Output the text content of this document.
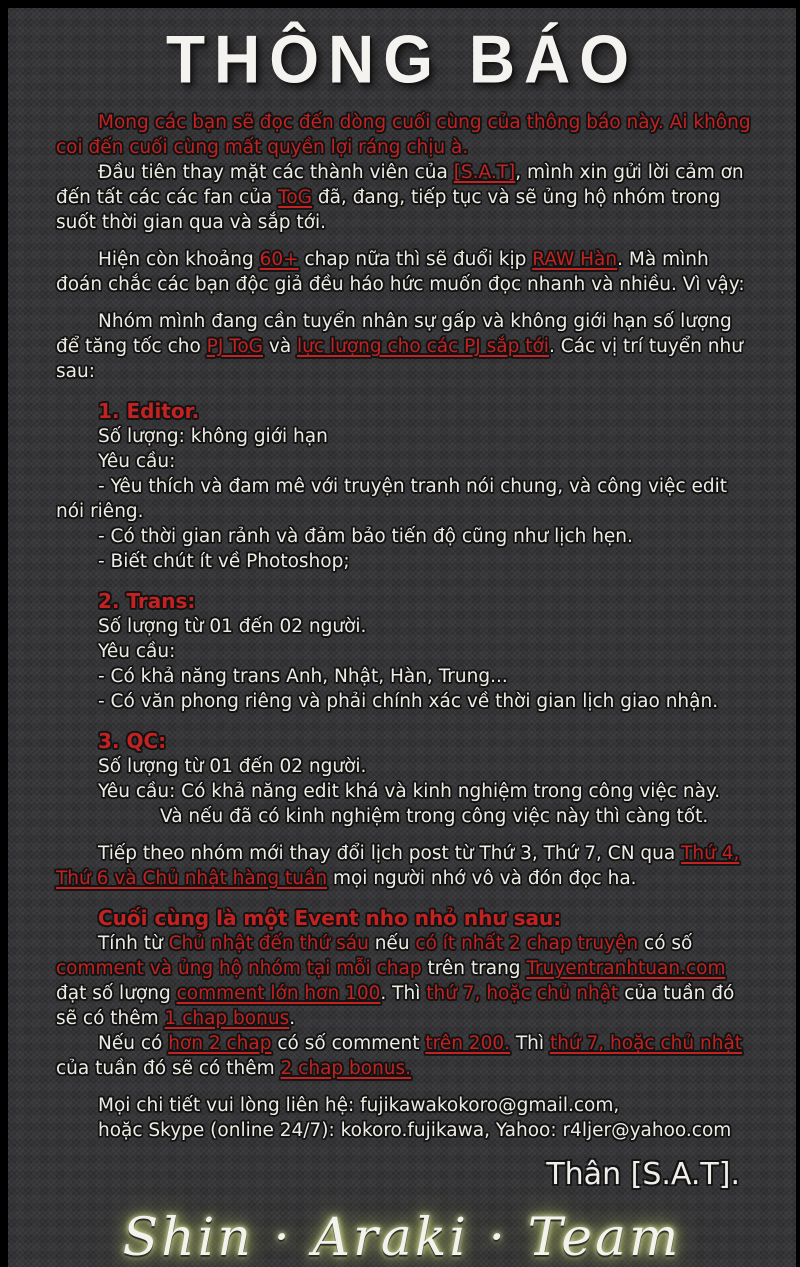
THÔNG BÁO

Mong các bạn sẽ đọc đến dòng cuối cùng của thông báo này. Ai không coi đến cuối cùng mất quyền lợi ráng chịu à.

Đầu tiên thay mặt các thành viên của [S.A.T], mình xin gửi lời cảm ơn đến tất các các fan của ToG đã, đang, tiếp tục và sẽ ủng hộ nhóm trong suốt thời gian qua và sắp tới.

Hiện còn khoảng 60+ chap nữa thì sẽ đuổi kịp RAW Hàn. Mà mình đoán chắc các bạn độc giả đều háo hức muốn đọc nhanh và nhiều. Vì vậy:

Nhóm mình đang cần tuyển nhân sự gấp và không giới hạn số lượng để tăng tốc cho PJ ToG và lực lượng cho các PJ sắp tới. Các vị trí tuyển như sau:

1. Editor.

Số lượng: không giới hạn

Yêu cầu:

- Yêu thích và đam mê với truyện tranh nói chung, và công việc edit nói riêng.

- Có thời gian rảnh và đảm bảo tiến độ cũng như lịch hẹn.

- Biết chút ít về Photoshop;

2. Trans:

Số lượng từ 01 đến 02 người.

Yêu cầu:

- Có khả năng trans Anh, Nhật, Hàn, Trung...

- Có văn phong riêng và phải chính xác về thời gian lịch giao nhận.

3. QC:

Số lượng từ 01 đến 02 người.

Yêu cầu: Có khả năng edit khá và kinh nghiệm trong công việc này.

Và nếu đã có kinh nghiệm trong công việc này thì càng tốt.

Tiếp theo nhóm mới thay đổi lịch post từ Thứ 3, Thứ 7, CN qua Thứ 4, Thứ 6 và Chủ nhật hàng tuần mọi người nhớ vô và đón đọc ha.

Cuối cùng là một Event nho nhỏ như sau:

Tính từ Chủ nhật đến thứ sáu nếu có ít nhất 2 chap truyện có số comment và ủng hộ nhóm tại mỗi chap trên trang Truyentranhtuan.com đạt số lượng comment lớn hơn 100. Thì thứ 7, hoặc chủ nhật của tuần đó sẽ có thêm 1 chap bonus.

Nếu có hơn 2 chap có số comment trên 200. Thì thứ 7, hoặc chủ nhật của tuần đó sẽ có thêm 2 chap bonus.

Mọi chi tiết vui lòng liên hệ: fujikawakokoro@gmail.com,

hoặc Skype (online 24/7): kokoro.fujikawa, Yahoo: r4ljer@yahoo.com

Thân [S.A.T].
Shin · Araki · Team
